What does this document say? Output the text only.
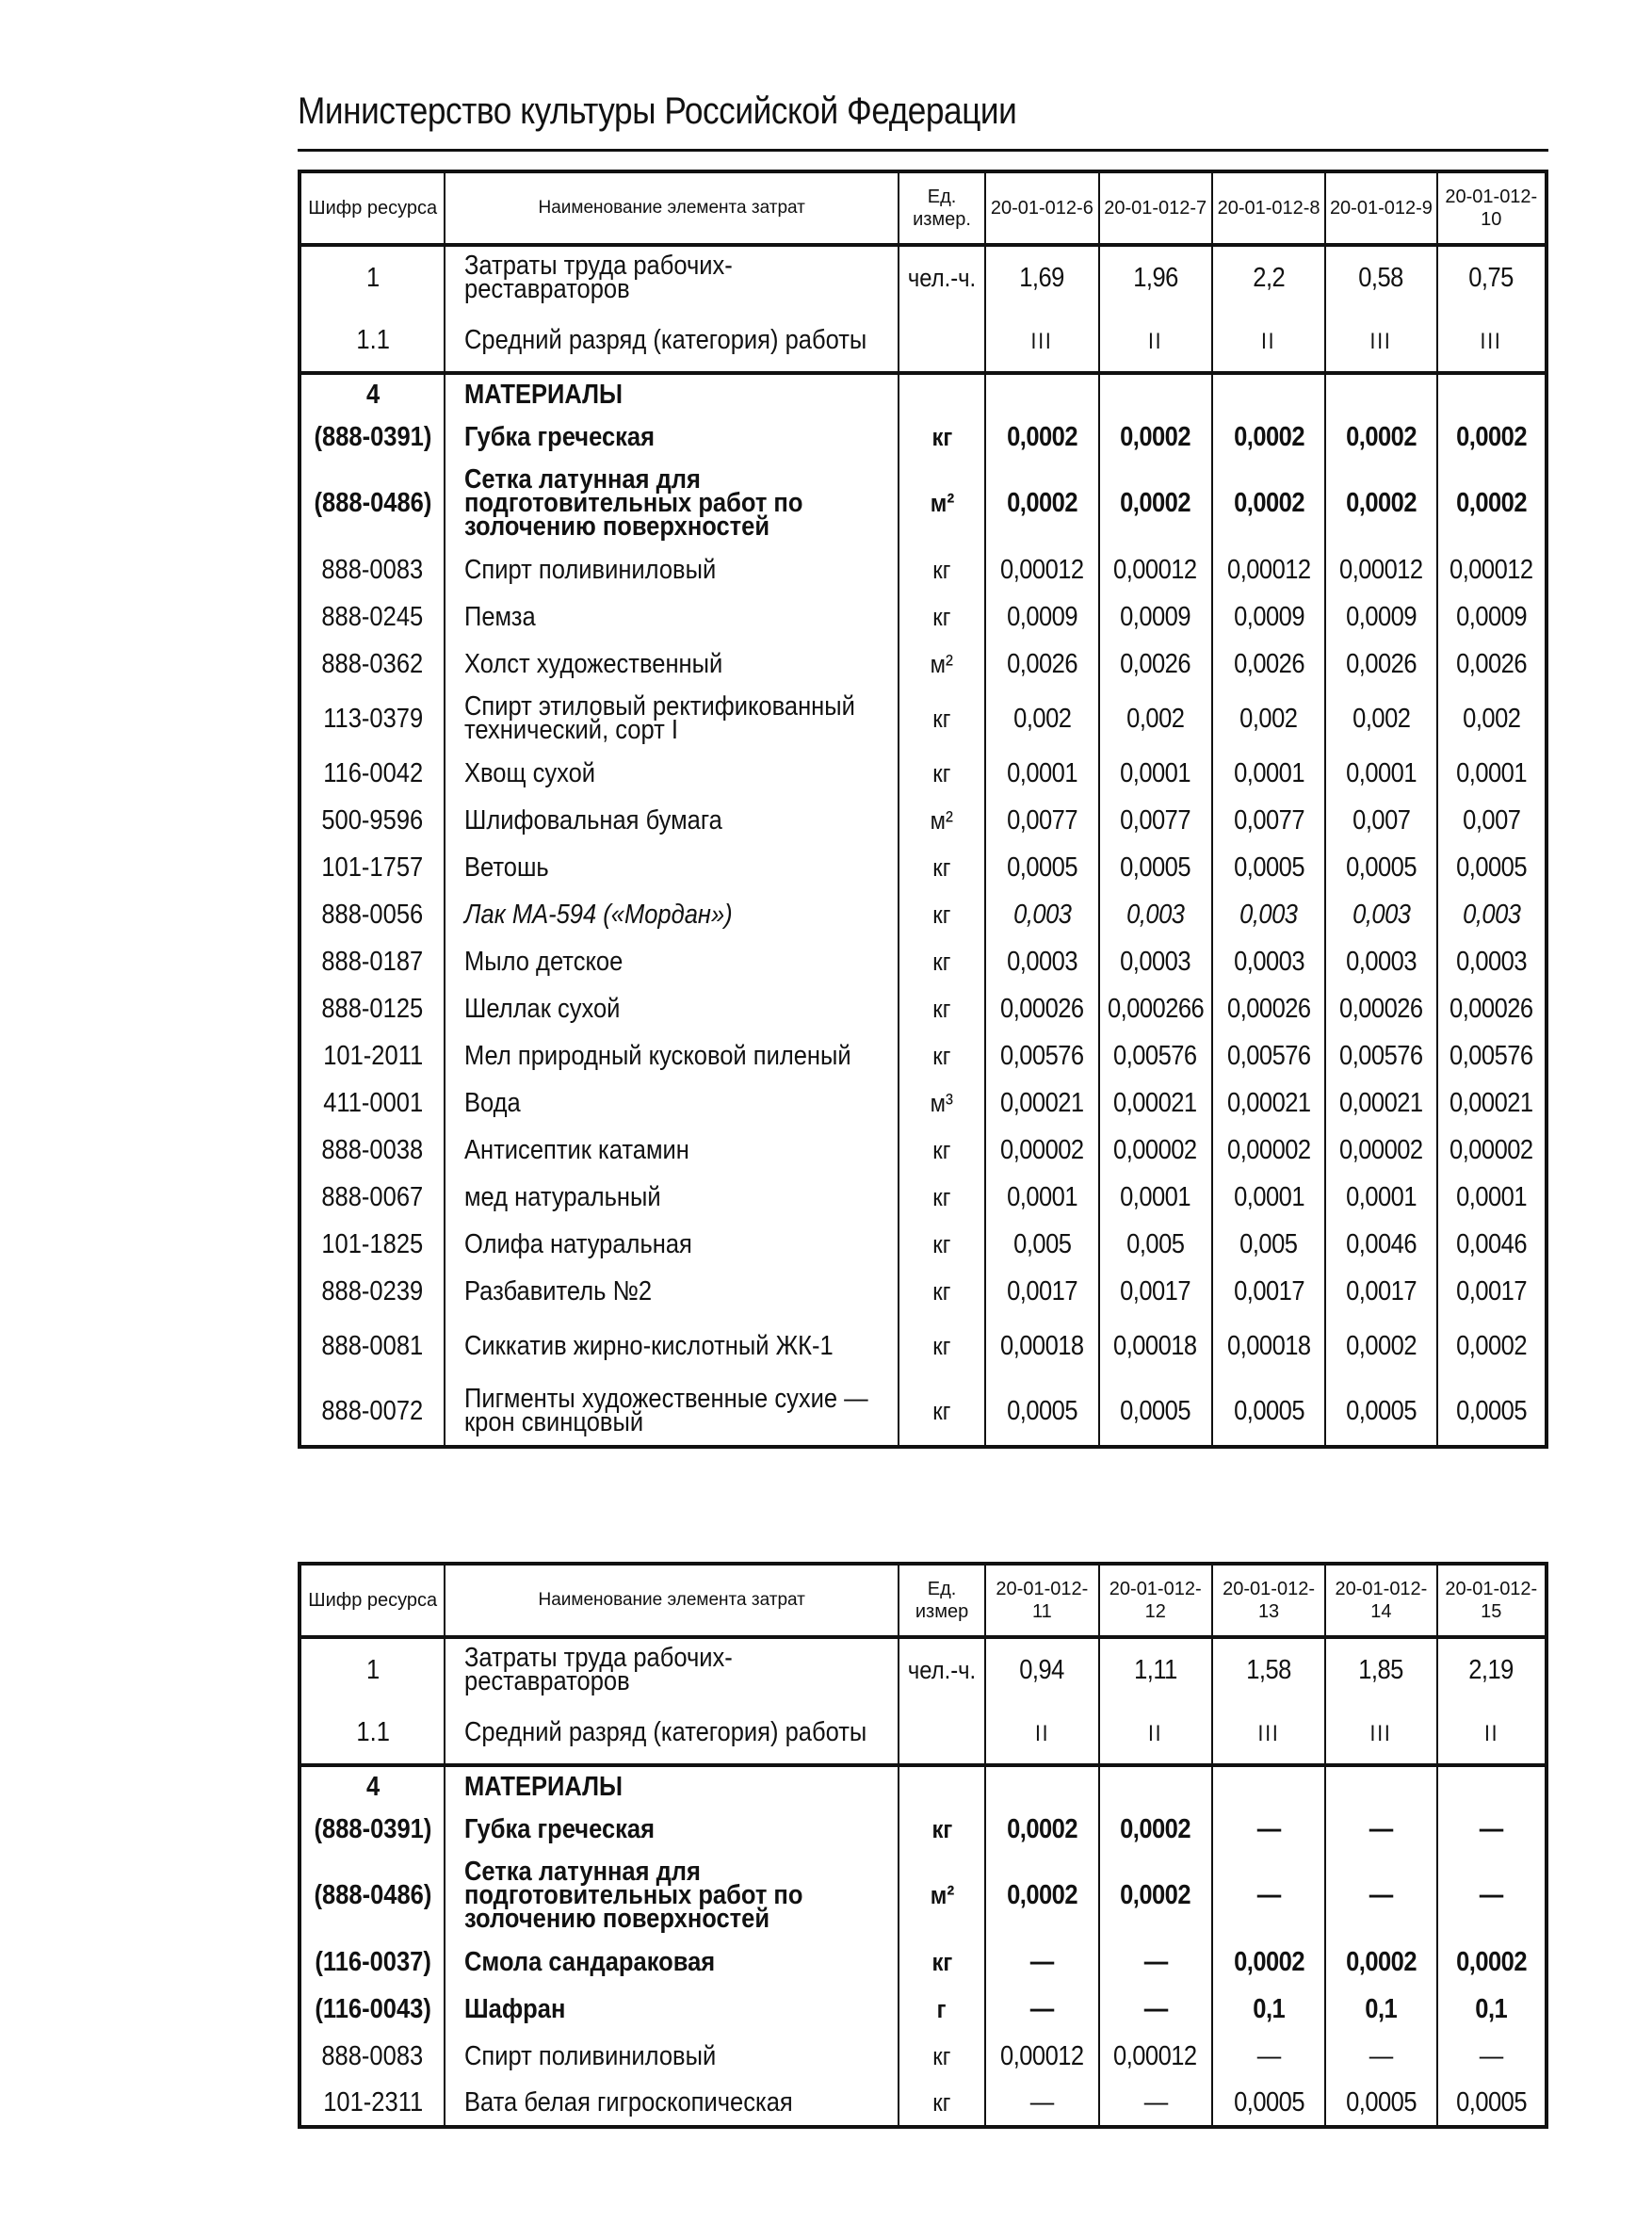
Министерство культуры Российской Федерации
Шифр ресурса	Наименование элемента затрат	Ед. измер.	20-01-012-6	20-01-012-7	20-01-012-8	20-01-012-9	20-01-012-10
1	Затраты труда рабочих-реставраторов	чел.-ч.	1,69	1,96	2,2	0,58	0,75
1.1	Средний разряд (категория) работы		III	II	II	III	III
4	МАТЕРИАЛЫ						

(888-0391)	Губка греческая	кг	0,0002	0,0002	0,0002	0,0002	0,0002
(888-0486)	Сетка латунная для подготовительных работ по золочению поверхностей	м²	0,0002	0,0002	0,0002	0,0002	0,0002
888-0083	Спирт поливиниловый	кг	0,00012	0,00012	0,00012	0,00012	0,00012
888-0245	Пемза	кг	0,0009	0,0009	0,0009	0,0009	0,0009
888-0362	Холст художественный	м²	0,0026	0,0026	0,0026	0,0026	0,0026
113-0379	Спирт этиловый ректификованный технический, сорт I	кг	0,002	0,002	0,002	0,002	0,002
116-0042	Хвощ сухой	кг	0,0001	0,0001	0,0001	0,0001	0,0001
500-9596	Шлифовальная бумага	м²	0,0077	0,0077	0,0077	0,007	0,007
101-1757	Ветошь	кг	0,0005	0,0005	0,0005	0,0005	0,0005
888-0056	Лак МА-594 («Мордан»)	кг	0,003	0,003	0,003	0,003	0,003
888-0187	Мыло детское	кг	0,0003	0,0003	0,0003	0,0003	0,0003
888-0125	Шеллак сухой	кг	0,00026	0,000266	0,00026	0,00026	0,00026
101-2011	Мел природный кусковой пиленый	кг	0,00576	0,00576	0,00576	0,00576	0,00576
411-0001	Вода	м³	0,00021	0,00021	0,00021	0,00021	0,00021
888-0038	Антисептик катамин	кг	0,00002	0,00002	0,00002	0,00002	0,00002
888-0067	мед натуральный	кг	0,0001	0,0001	0,0001	0,0001	0,0001
101-1825	Олифа натуральная	кг	0,005	0,005	0,005	0,0046	0,0046
888-0239	Разбавитель №2	кг	0,0017	0,0017	0,0017	0,0017	0,0017
888-0081	Сиккатив жирно-кислотный ЖК-1	кг	0,00018	0,00018	0,00018	0,0002	0,0002
888-0072	Пигменты художественные сухие — крон свинцовый	кг	0,0005	0,0005	0,0005	0,0005	0,0005
Шифр ресурса	Наименование элемента затрат	Ед. измер	20-01-012-11	20-01-012-12	20-01-012-13	20-01-012-14	20-01-012-15
1	Затраты труда рабочих-реставраторов	чел.-ч.	0,94	1,11	1,58	1,85	2,19
1.1	Средний разряд (категория) работы		II	II	III	III	II
4	МАТЕРИАЛЫ						

(888-0391)	Губка греческая	кг	0,0002	0,0002	—	—	—
(888-0486)	Сетка латунная для подготовительных работ по золочению поверхностей	м²	0,0002	0,0002	—	—	—
(116-0037)	Смола сандараковая	кг	—	—	0,0002	0,0002	0,0002
(116-0043)	Шафран	г	—	—	0,1	0,1	0,1
888-0083	Спирт поливиниловый	кг	0,00012	0,00012	—	—	—
101-2311	Вата белая гигроскопическая	кг	—	—	0,0005	0,0005	0,0005
